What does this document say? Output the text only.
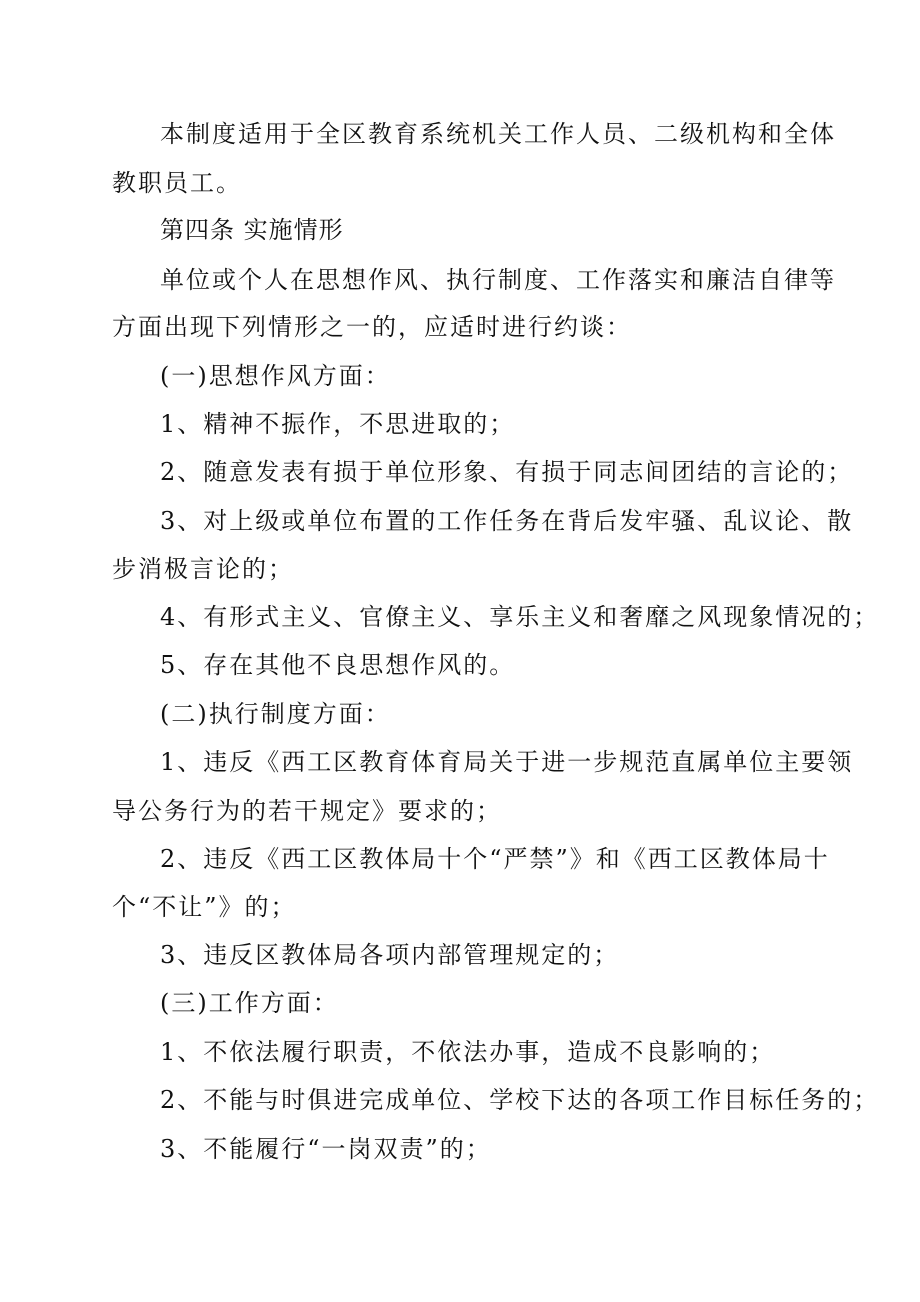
本制度适用于全区教育系统机关工作人员、二级机构和全体
教职员工。
第四条 实施情形
单位或个人在思想作风、执行制度、工作落实和廉洁自律等
方面出现下列情形之一的，应适时进行约谈：
(一)思想作风方面：
1、精神不振作，不思进取的；
2、随意发表有损于单位形象、有损于同志间团结的言论的；
3、对上级或单位布置的工作任务在背后发牢骚、乱议论、散
步消极言论的；
4、有形式主义、官僚主义、享乐主义和奢靡之风现象情况的；
5、存在其他不良思想作风的。
(二)执行制度方面：
1、违反《西工区教育体育局关于进一步规范直属单位主要领
导公务行为的若干规定》要求的；
2、违反《西工区教体局十个“严禁”》和《西工区教体局十
个“不让”》的；
3、违反区教体局各项内部管理规定的；
(三)工作方面：
1、不依法履行职责，不依法办事，造成不良影响的；
2、不能与时俱进完成单位、学校下达的各项工作目标任务的；
3、不能履行“一岗双责”的；
